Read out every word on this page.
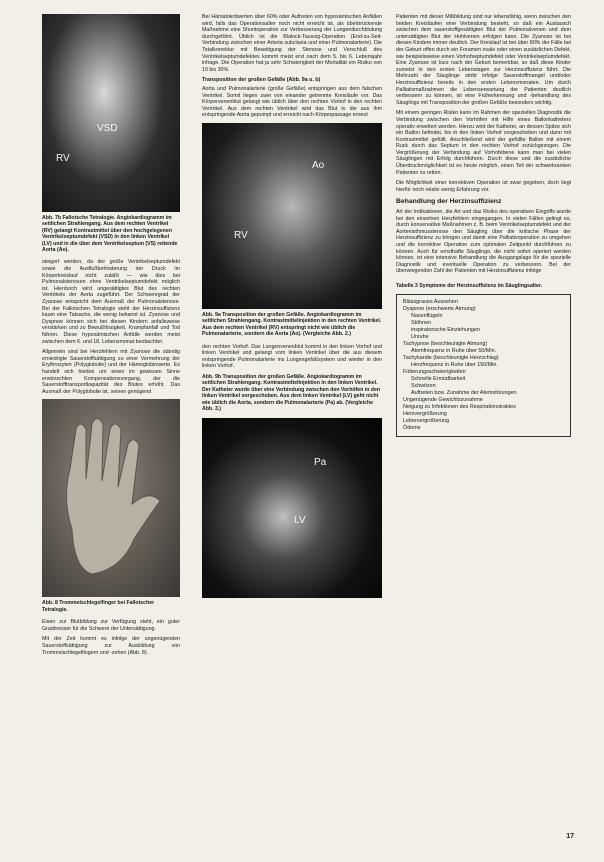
VSD
RV
Abb. 7b Fallotsche Tetralogie. Angiokardiogramm im seitlichen Strahlengang. Aus dem rechten Ventrikel (RV) gelangt Kontrastmittel über den hochgelegenen Ventrikelseptumdefekt (VSD) in den linken Ventrikel (LV) und in die über dem Ventrikelseptum (VS) reitende Aorta (Ao).
steigert werden, da der große Ventrikelseptumdefekt sowie die Ausflußbehinderung der Druck im Körperkreislauf nicht zuläßt — wie dies bei Pulmonalstenosen ohne Ventrikelseptumdefekt möglich ist. Hierdurch wird ungesättigtes Blut des rechten Ventrikels der Aorta zugeführt. Der Schweregrad der Zyanose entspricht dem Ausmaß der Pulmonalstenose. Bei der Fallotschen Tetralogie steht der Herzinsuffizienz kaum eine Tatsache, die wenig bekannt ist. Zyanose und Dyspnoe können sich bei diesen Kindern anfallsweise verstärken und zu Bewußtlosigkeit, Krampfanfall und Tod führen. Diese hypoxämischen Anfälle werden meist zwischen dem 6. und 18. Lebensmonat beobachtet.
Allgemein sind bei Herzfehlern mit Zyanose die ständig erniedrigte Sauerstoffsättigung zu einer Vermehrung der Erythrozyten (Polyglobulie) und der Hämoglobinwerte. Es handelt sich hierbei um einen im gewissen Sinne erwünschten Kompensationsvorgang, der die Sauerstofftransportkapazität des Blutes erhöht. Das Ausmaß der Polyglobulie ist, seinen genügend
Abb. 8 Trommelschlegelfinger bei Fallotscher Tetralogie.
Eisen zur Blutbildung zur Verfügung steht, ein guter Gradmesser für die Schwere der Untersättigung.
Mit der Zeit kommt es infolge der ungenügenden Sauerstoffsättigung zur Ausbildung von Trommelschlegelfingern und -zehen (Abb. 8).
Bei Hämatokritwerten über 60% oder Auftreten von hypoxämischen Anfällen wird, falls das Operationsalter noch nicht erreicht ist, als überbrückende Maßnahme eine Shuntoperation zur Verbesserung der Lungendurchblutung durchgeführt. Üblich ist die Blalock-Taussig-Operation (End-zu-Seit-Verbindung zwischen einer Arteria subclavia und einer Pulmonalarterie). Die Totalkorrektur mit Beseitigung der Stenose und Verschluß des Ventrikelseptumdefektes kommt meist erst nach dem 5. bis 6. Lebensjahr infrage. Die Operation hat ja sehr Schwierigkeit der Mortalität ein Risiko von 10 bis 30%.
Transposition der großen Gefäße (Abb. 9a u. b)
Aorta und Pulmonalarterie (große Gefäße) entspringen aus dem falschen Ventrikel. Somit liegen zwei von einander getrennte Kreisläufe vor. Das Körpervenenblut gelangt wie üblich über den rechten Vorhof in den rechten Ventrikel. Aus dem rechten Ventrikel wird das Blut in die aus ihm entspringende Aorta gepumpt und erreicht nach Körperpassage erneut
Ao
RV
Abb. 9a Transposition der großen Gefäße. Angiokardiogramm im seitlichen Strahlengang. Kontrastmittelinjektion in den rechten Ventrikel. Aus dem rechten Ventrikel (RV) entspringt nicht wie üblich die Pulmonalarterie, sondern die Aorta (Ao). (Vergleiche Abb. 2.)
den rechten Vorhof. Das Lungenvenenblut kommt in den linken Vorhof und linken Ventrikel und gelangt vom linken Ventrikel über die aus diesem entspringende Pulmonalarterie ins Lungengefäßsystem und wieder in den linken Vorhof.
Abb. 9b Transposition der großen Gefäße. Angiokardiogramm im seitlichen Strahlengang. Kontrastmittelinjektion in den linken Ventrikel. Der Katheter wurde über eine Verbindung zwischen den Vorhöfen in den linken Ventrikel vorgeschoben. Aus dem linken Ventrikel (LV) geht nicht wie üblich die Aorta, sondern die Pulmonalarterie (Pa) ab. (Vergleiche Abb. 3.)
Pa
LV
Patienten mit dieser Mißbildung sind nur lebensfähig, wenn zwischen den beiden Kreisläufen eine Verbindung besteht, so daß ein Austausch zwischen dem sauerstoffgesättigten Blut der Pulmonalvenen und dem untersättigten Blut der Hohlvenen erfolgen kann. Die Zyanose ist bei diesen Kindern immer deutlich. Der Kreislauf ist bei über 80% der Fälle bei der Geburt offen durch ein Foramen ovale oder einen zusätzlichen Defekt, wie beispielsweise einen Vorhofseptumdefekt oder Ventrikelseptumdefekt. Eine Zyanose ist kurz nach der Geburt bemerkbar, so daß diese Kinder zumeist in den ersten Lebenstagen zur Herzinsuffizienz führt. Die Mehrzahl der Säuglinge stirbt infolge Sauerstoffmangel und/oder Herzinsuffizienz bereits in den ersten Lebensmonaten. Um durch Palliativmaßnahmen die Lebenserwartung der Patienten deutlich verbessern zu können, ist eine Früherkennung und -behandlung des Säuglings mit Transposition der großen Gefäße besonders wichtig.
Mit einem geringen Risiko kann im Rahmen der speziellen Diagnostik die Verbindung zwischen den Vorhöfen mit Hilfe eines Ballonkatheters operativ erweitert werden. Hierzu wird der Katheter, an dessen Spitze sich ein Ballon befindet, bis in den linken Vorhof vorgeschoben und dann mit Kontrastmittel gefüllt. Anschließend wird der gefüllte Ballon mit einem Ruck durch das Septum in den rechten Vorhof zurückgezogen. Die Vergrößerung der Verbindung auf Vorhofebene kann man bei vielen Säuglingen mit Erfolg durchführen. Durch diese und die zusätzliche Überdruckmöglichkeit ist es heute möglich, einen Teil der schwerkranken Patienten zu retten.
Die Möglichkeit einer korrektiven Operation ist zwar gegeben, doch liegt hierfür noch relativ wenig Erfahrung vor.
Behandlung der Herzinsuffizienz
Art der Indikationen, die Art und das Risiko des operativen Eingriffs wurde bei den einzelnen Herzfehlern eingegangen. In vielen Fällen gelingt es, durch konservative Maßnahmen z. B. beim Ventrikelseptumdefekt und der Aortenisthmusstenose den Säugling über die kritische Phase der Herzinsuffizienz zu bringen und damit eine Palliativoperation zu umgehen und die korrektive Operation zum optimalen Zeitpunkt durchführen zu können. Auch für ernsthafte Säuglinge, die nicht sofort operiert werden können, ist eine intensive Behandlung die Ausgangslage für die spezielle Diagnostik und eventuelle Operation zu verbessern. Bei der überwiegenden Zahl der Patienten mit Herzinsuffizienz infolge
Tabelle 3 Symptome der Herzinsuffizienz im Säuglingsalter.
Blässgraues Aussehen
Dyspnoe (erschwerte Atmung)
Nasenflügeln
Stöhnen
inspiratorische Einziehungen
Unruhe
Tachypnoe (beschleunigte Atmung)
Atemfrequenz in Ruhe über 50/Min.
Tachykardie (beschleunigte Herzschlag)
Herzfrequenz in Ruhe über 150/Min.
Fütterungsschwierigkeiten
Schnelle Ermüdbarkeit
Schwitzen
Auftreten bzw. Zunahme der Atemstörungen
Ungenügende Gewichtszunahme
Neigung zu Infektionen des Respirationstraktes
Herzvergrößerung
Lebervergrößerung
Ödeme
17
